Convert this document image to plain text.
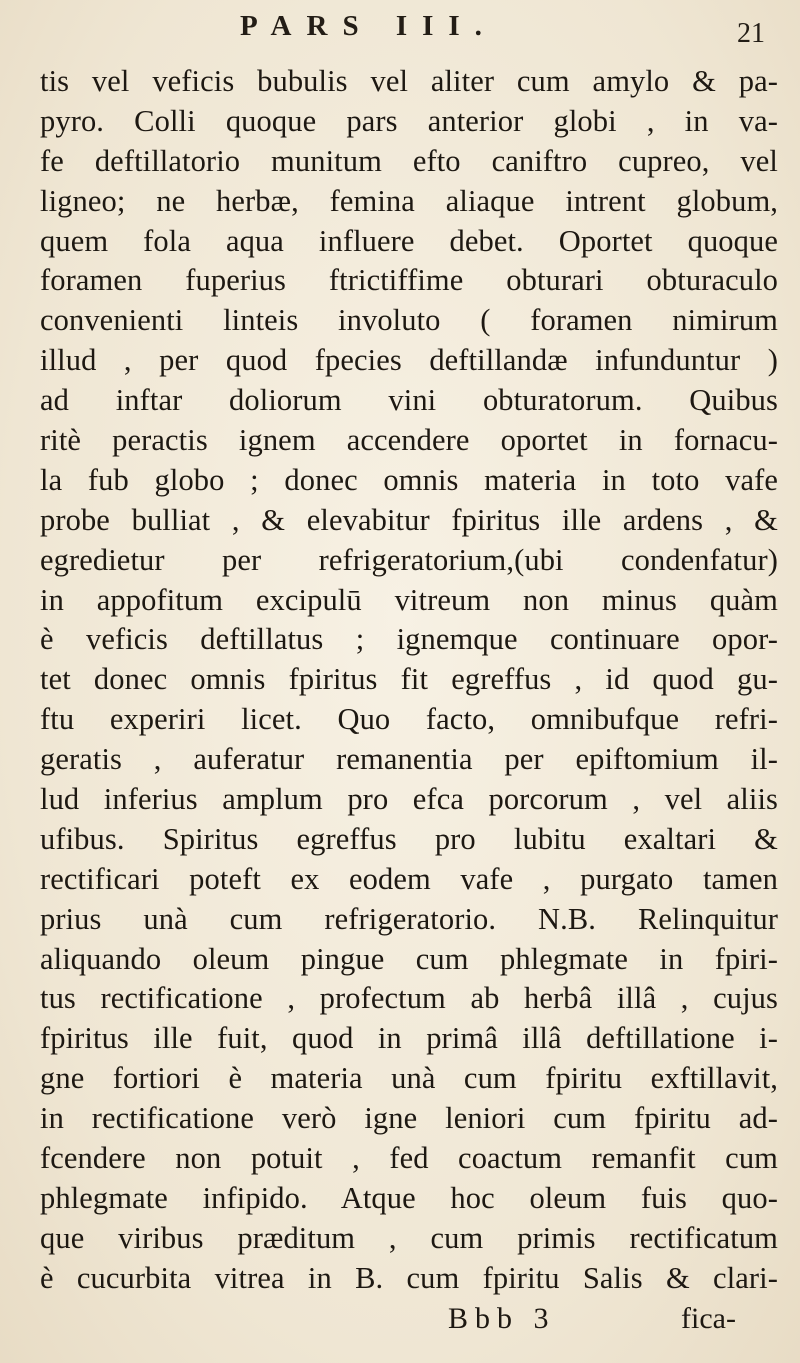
PARS III.	21
tis vel veficis bubulis vel aliter cum amylo & pa-
pyro. Colli quoque pars anterior globi , in va-
fe deftillatorio munitum efto caniftro cupreo, vel
ligneo; ne herbæ, femina aliaque intrent globum,
quem fola aqua influere debet. Oportet quoque
foramen fuperius ftrictiffime obturari obturaculo
convenienti linteis involuto ( foramen nimirum
illud , per quod fpecies deftillandæ infunduntur )
ad inftar doliorum vini obturatorum. Quibus
ritè peractis ignem accendere oportet in fornacu-
la fub globo ; donec omnis materia in toto vafe
probe bulliat , & elevabitur fpiritus ille ardens , &
egredietur per refrigeratorium,(ubi condenfatur)
in appofitum excipulū vitreum non minus quàm
è veficis deftillatus ; ignemque continuare opor-
tet donec omnis fpiritus fit egreffus , id quod gu-
ftu experiri licet. Quo facto, omnibufque refri-
geratis , auferatur remanentia per epiftomium il-
lud inferius amplum pro efca porcorum , vel aliis
ufibus. Spiritus egreffus pro lubitu exaltari &
rectificari poteft ex eodem vafe , purgato tamen
prius unà cum refrigeratorio. N.B. Relinquitur
aliquando oleum pingue cum phlegmate in fpiri-
tus rectificatione , profectum ab herbâ illâ , cujus
fpiritus ille fuit, quod in primâ illâ deftillatione i-
gne fortiori è materia unà cum fpiritu exftillavit,
in rectificatione verò igne leniori cum fpiritu ad-
fcendere non potuit , fed coactum remanfit cum
phlegmate infipido. Atque hoc oleum fuis quo-
que viribus præditum , cum primis rectificatum
è cucurbita vitrea in B. cum fpiritu Salis & clari-
Bbb 3	fica-
